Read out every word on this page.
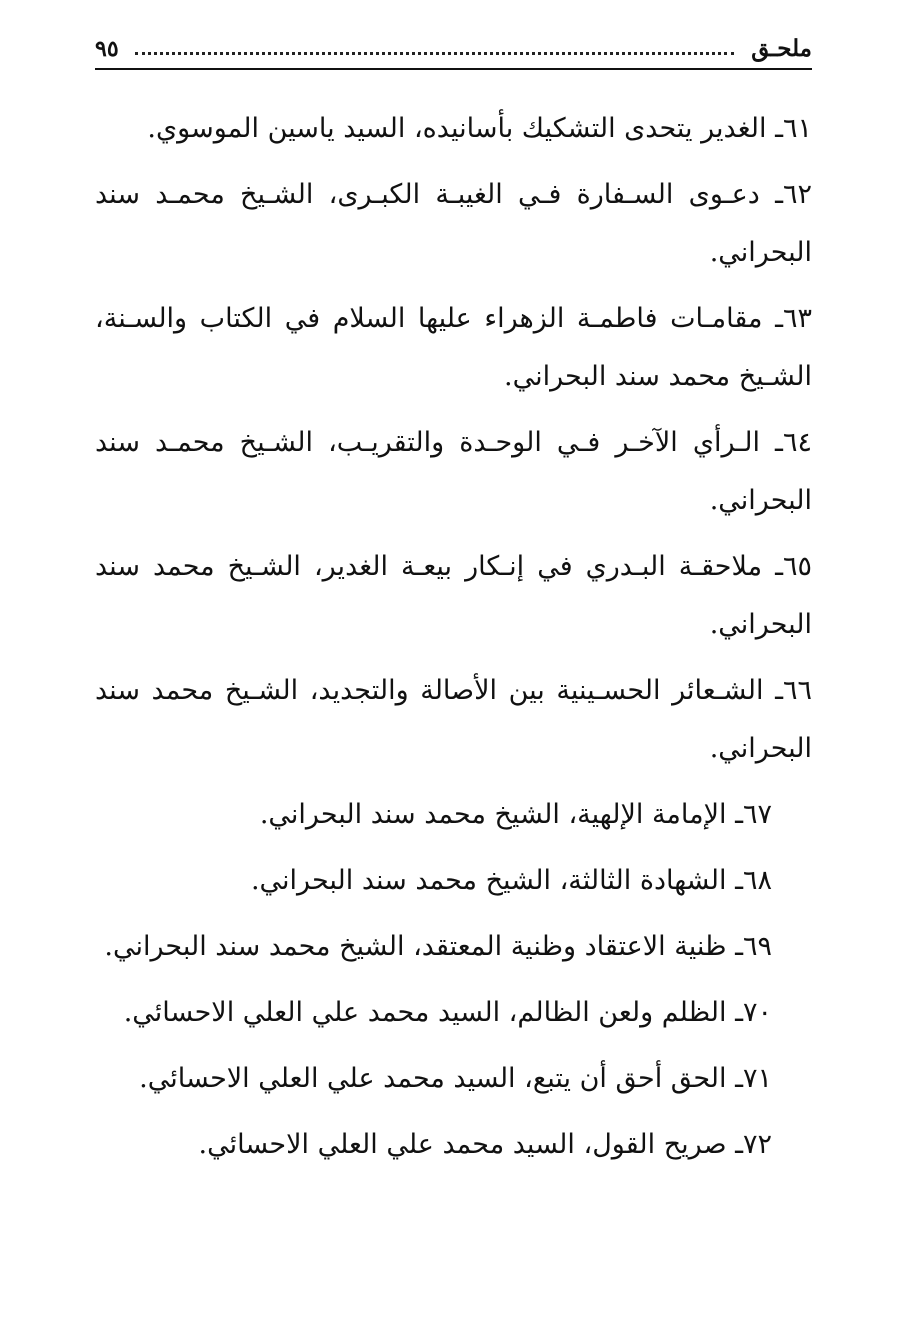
ملحـق
٩٥
٦١ـ الغدير يتحدى التشكيك بأسانيده، السيد ياسين الموسوي.
٦٢ـ دعـوى السـفارة فـي الغيبـة الكبـرى، الشـيخ محمـد سند البحراني.
٦٣ـ مقامـات فاطمـة الزهراء عليها السلام في الكتاب والسـنة، الشـيخ محمد سند البحراني.
٦٤ـ الـرأي الآخـر فـي الوحـدة والتقريـب، الشـيخ محمـد سند البحراني.
٦٥ـ ملاحقـة البـدري في إنـكار بيعـة الغدير، الشـيخ محمد سند البحراني.
٦٦ـ الشـعائر الحسـينية بين الأصالة والتجديد، الشـيخ محمد سند البحراني.
٦٧ـ الإمامة الإلهية، الشيخ محمد سند البحراني.
٦٨ـ الشهادة الثالثة، الشيخ محمد سند البحراني.
٦٩ـ ظنية الاعتقاد وظنية المعتقد، الشيخ محمد سند البحراني.
٧٠ـ الظلم ولعن الظالم، السيد محمد علي العلي الاحسائي.
٧١ـ الحق أحق أن يتبع، السيد محمد علي العلي الاحسائي.
٧٢ـ صريح القول، السيد محمد علي العلي الاحسائي.
